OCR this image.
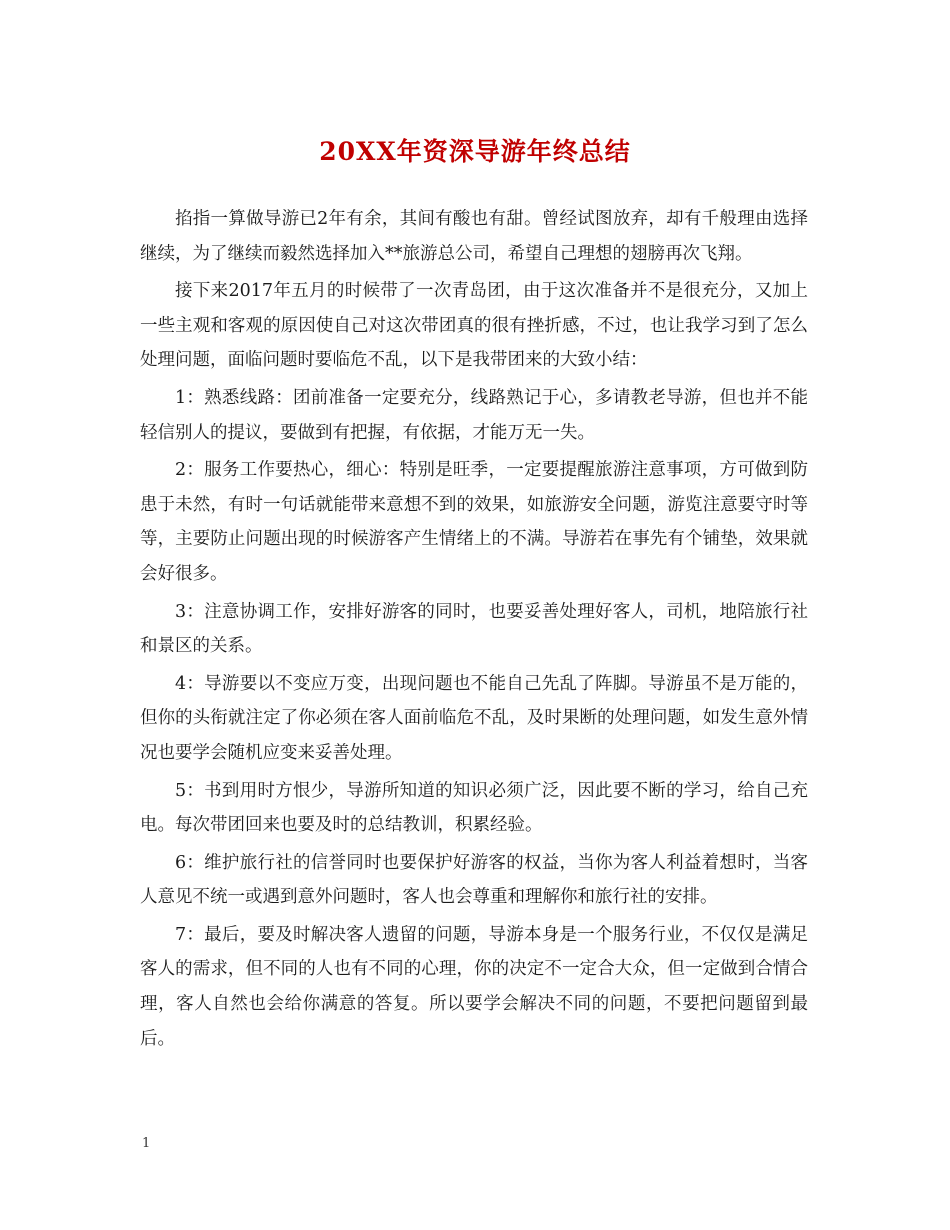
20XX年资深导游年终总结

掐指一算做导游已2年有余，其间有酸也有甜。曾经试图放弃，却有千般理由选择继续，为了继续而毅然选择加入**旅游总公司，希望自己理想的翅膀再次飞翔。

接下来2017年五月的时候带了一次青岛团，由于这次准备并不是很充分，又加上一些主观和客观的原因使自己对这次带团真的很有挫折感，不过，也让我学习到了怎么处理问题，面临问题时要临危不乱，以下是我带团来的大致小结：

1：熟悉线路：团前准备一定要充分，线路熟记于心，多请教老导游，但也并不能轻信别人的提议，要做到有把握，有依据，才能万无一失。

2：服务工作要热心，细心：特别是旺季，一定要提醒旅游注意事项，方可做到防患于未然，有时一句话就能带来意想不到的效果，如旅游安全问题，游览注意要守时等等，主要防止问题出现的时候游客产生情绪上的不满。导游若在事先有个铺垫，效果就会好很多。

3：注意协调工作，安排好游客的同时，也要妥善处理好客人，司机，地陪旅行社和景区的关系。

4：导游要以不变应万变，出现问题也不能自己先乱了阵脚。导游虽不是万能的，但你的头衔就注定了你必须在客人面前临危不乱，及时果断的处理问题，如发生意外情况也要学会随机应变来妥善处理。

5：书到用时方恨少，导游所知道的知识必须广泛，因此要不断的学习，给自己充电。每次带团回来也要及时的总结教训，积累经验。

6：维护旅行社的信誉同时也要保护好游客的权益，当你为客人利益着想时，当客人意见不统一或遇到意外问题时，客人也会尊重和理解你和旅行社的安排。

7：最后，要及时解决客人遗留的问题，导游本身是一个服务行业，不仅仅是满足客人的需求，但不同的人也有不同的心理，你的决定不一定合大众，但一定做到合情合理，客人自然也会给你满意的答复。所以要学会解决不同的问题，不要把问题留到最后。

1
